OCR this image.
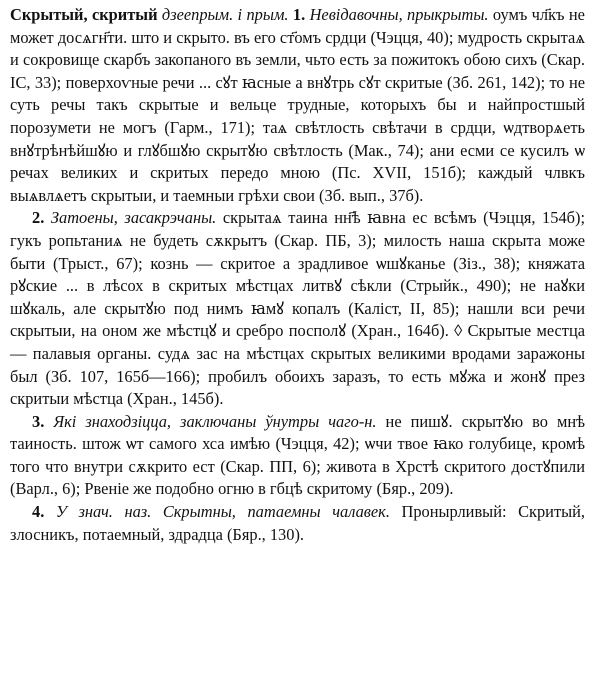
Скрытый, скритый дзеепрым. і прым. 1. Невідавочны, прыкрыты. оумъ чл҃къ не может досѧгн҃ти. што и скрыто. въ его ст҃омъ срдци (Чэцця, 40); мудрость скрытаѧ и сокровище скарбъ закопаного въ земли, чьто есть за пожитокъ обою сихъ (Скар. ІС, 33); поверхоѵные речи ... сꙋт ꙗсные а внꙋтрь сꙋт скритые (Зб. 261, 142); то не суть речы такъ скрытые и вельце трудные, которыхъ бы и найпростшый порозумети не могъ (Гарм., 171); таѧ свѣтлость свѣтачи в срдци, ѡдтворѧеть внꙋтрѣнѣйшꙋю и глꙋбшꙋю скрытꙋю свѣтлость (Мак., 74); ани есми се кусилъ ѡ речах великих и скритых передо мною (Пс. XVII, 151б); каждый члвкъ выѧвлѧетъ скрытыи, и таемныи грѣхи свои (Зб. вып., 37б).

2. Затоены, засакрэчаны. скрытаѧ таина нн҃ѣ ꙗвна ес всѣмъ (Чэцця, 154б); гукъ ропьтаниѧ не будеть сѫкрытъ (Скар. ПБ, 3); милость наша скрыта може быти (Трыст., 67); кознь — скритое а зрадливое ѡшꙋканье (Зіз., 38); княжата рꙋские ... в лѣсох в скритых мѣстцах литвꙋ сѣкли (Стрыйк., 490); не наꙋки шꙋкаль, але скрытꙋю под нимъ ꙗмꙋ копалъ (Каліст, II, 85); нашли вси речи скрытыи, на оном же мѣстцꙋ и сребро посполꙋ (Хран., 164б). ◊ Скрытые местца — палавыя органы. судѧ зас на мѣстцах скрытых великими вродами заражоны был (Зб. 107, 165б—166); пробилъ обоихъ заразъ, то есть мꙋжа и жонꙋ през скритыи мѣстца (Хран., 145б).

3. Які знаходзіцца, заключаны ўнутры чаго-н. не пишꙋ. скрытꙋю во мнѣ таиность. штож ѡт самого хса имѣю (Чэцця, 42); ѡчи твое ꙗко голубице, кромѣ того что внутри сѫкрито ест (Скар. ПП, 6); живота в Хрстѣ скритого достꙋпили (Варл., 6); Рвеніе же подобно огню в гбцѣ скритому (Бяр., 209).

4. У знач. наз. Скрытны, патаемны чалавек. Пронырливый: Скритый, злосникъ, потаемный, здрадца (Бяр., 130).
